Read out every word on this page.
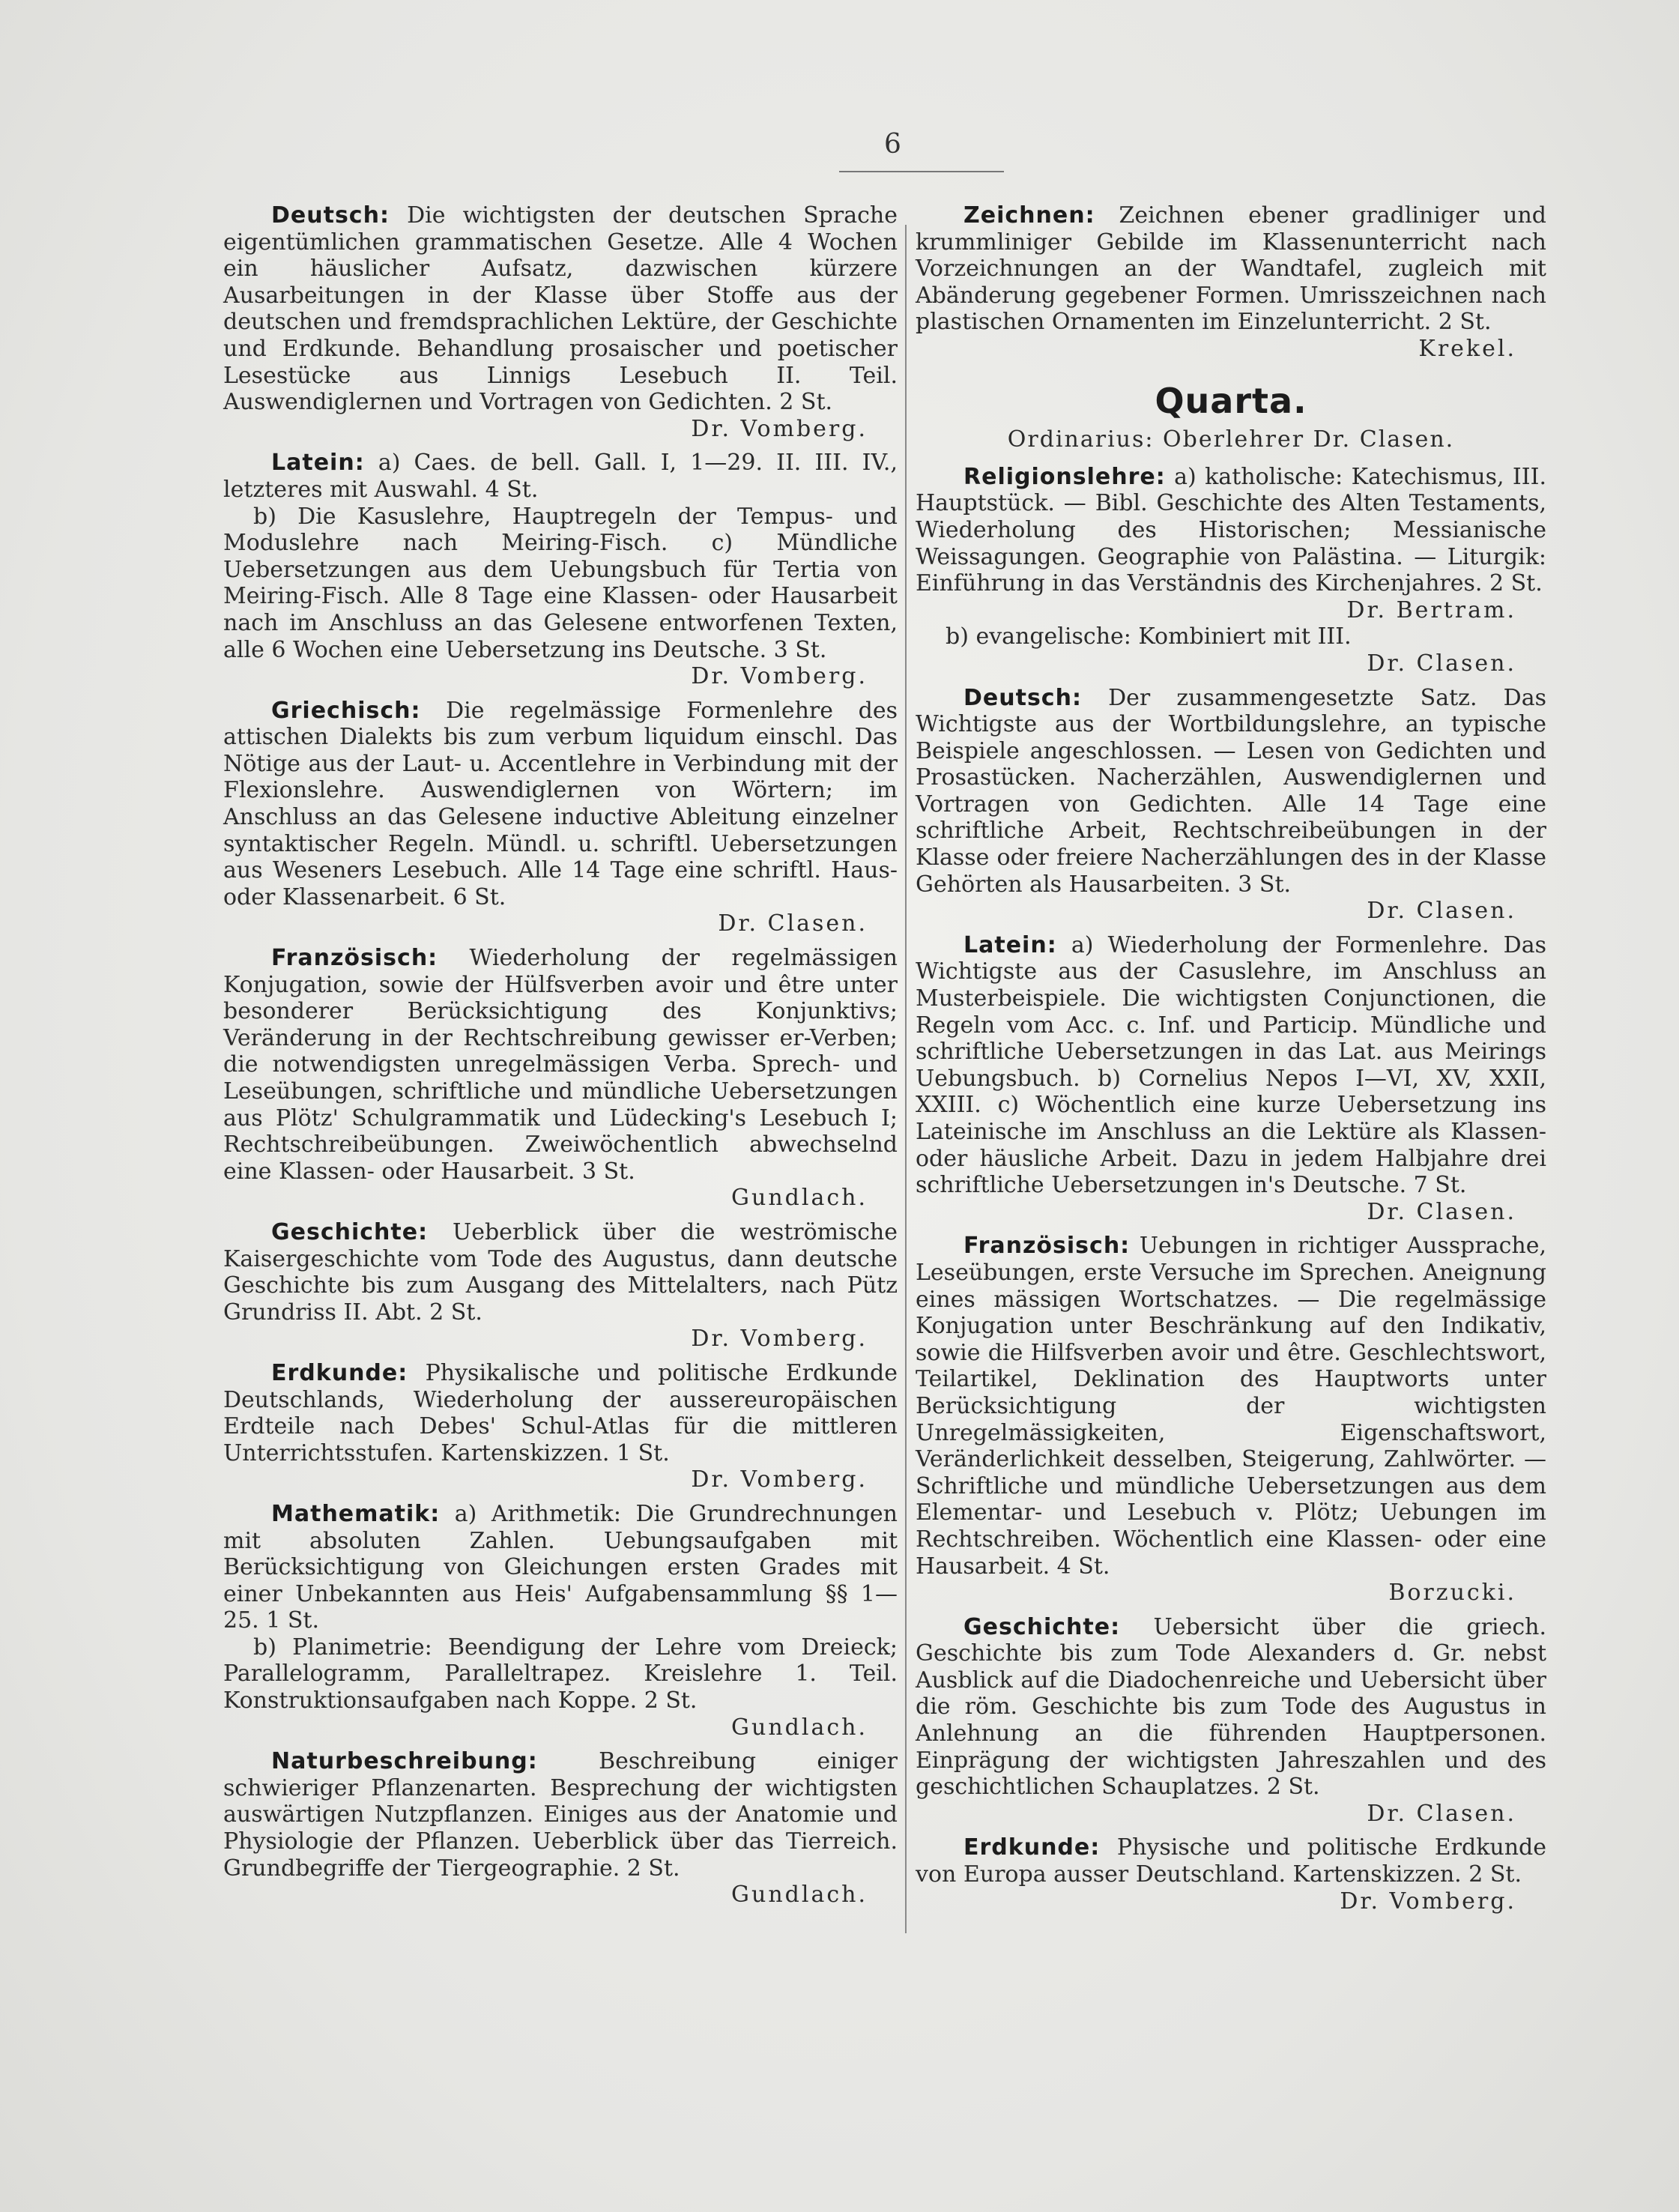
6
Deutsch: Die wichtigsten der deutschen Sprache eigentümlichen grammatischen Gesetze. Alle 4 Wochen ein häuslicher Aufsatz, dazwischen kürzere Ausarbeitungen in der Klasse über Stoffe aus der deutschen und fremdsprachlichen Lektüre, der Geschichte und Erdkunde. Behandlung prosaischer und poetischer Lesestücke aus Linnigs Lesebuch II. Teil. Auswendiglernen und Vortragen von Gedichten. 2 St.
Dr. Vomberg.
Latein: a) Caes. de bell. Gall. I, 1—29. II. III. IV., letzteres mit Auswahl. 4 St.
b) Die Kasuslehre, Hauptregeln der Tempus- und Moduslehre nach Meiring-Fisch. c) Mündliche Uebersetzungen aus dem Uebungsbuch für Tertia von Meiring-Fisch. Alle 8 Tage eine Klassen- oder Hausarbeit nach im Anschluss an das Gelesene entworfenen Texten, alle 6 Wochen eine Uebersetzung ins Deutsche. 3 St.
Dr. Vomberg.
Griechisch: Die regelmässige Formenlehre des attischen Dialekts bis zum verbum liquidum einschl. Das Nötige aus der Laut- u. Accentlehre in Verbindung mit der Flexionslehre. Auswendiglernen von Wörtern; im Anschluss an das Gelesene inductive Ableitung einzelner syntaktischer Regeln. Mündl. u. schriftl. Uebersetzungen aus Weseners Lesebuch. Alle 14 Tage eine schriftl. Haus- oder Klassenarbeit. 6 St.
Dr. Clasen.
Französisch: Wiederholung der regelmässigen Konjugation, sowie der Hülfsverben avoir und être unter besonderer Berücksichtigung des Konjunktivs; Veränderung in der Rechtschreibung gewisser er-Verben; die notwendigsten unregelmässigen Verba. Sprech- und Leseübungen, schriftliche und mündliche Uebersetzungen aus Plötz' Schulgrammatik und Lüdecking's Lesebuch I; Rechtschreibeübungen. Zweiwöchentlich abwechselnd eine Klassen- oder Hausarbeit. 3 St.
Gundlach.
Geschichte: Ueberblick über die weströmische Kaisergeschichte vom Tode des Augustus, dann deutsche Geschichte bis zum Ausgang des Mittelalters, nach Pütz Grundriss II. Abt. 2 St.
Dr. Vomberg.
Erdkunde: Physikalische und politische Erdkunde Deutschlands, Wiederholung der aussereuropäischen Erdteile nach Debes' Schul-Atlas für die mittleren Unterrichtsstufen. Kartenskizzen. 1 St.
Dr. Vomberg.
Mathematik: a) Arithmetik: Die Grundrechnungen mit absoluten Zahlen. Uebungsaufgaben mit Berücksichtigung von Gleichungen ersten Grades mit einer Unbekannten aus Heis' Aufgabensammlung §§ 1—25. 1 St.
b) Planimetrie: Beendigung der Lehre vom Dreieck; Parallelogramm, Paralleltrapez. Kreislehre 1. Teil. Konstruktionsaufgaben nach Koppe. 2 St.
Gundlach.
Naturbeschreibung:	Beschreibung einiger schwieriger Pflanzenarten. Besprechung der wichtigsten auswärtigen Nutzpflanzen. Einiges aus der Anatomie und Physiologie der Pflanzen. Ueberblick über das Tierreich. Grundbegriffe der Tiergeographie. 2 St.
Gundlach.
Zeichnen: Zeichnen ebener gradliniger und krummliniger Gebilde im Klassenunterricht nach Vorzeichnungen an der Wandtafel, zugleich mit Abänderung gegebener Formen. Umrisszeichnen nach plastischen Ornamenten im Einzelunterricht. 2 St.
Krekel.
Quarta.
Ordinarius: Oberlehrer Dr. Clasen.
Religionslehre: a) katholische: Katechismus, III. Hauptstück. — Bibl. Geschichte des Alten Testaments, Wiederholung des Historischen; Messianische Weissagungen. Geographie von Palästina. — Liturgik: Einführung in das Verständnis des Kirchenjahres. 2 St.
Dr. Bertram.
b) evangelische: Kombiniert mit III.
Dr. Clasen.
Deutsch: Der zusammengesetzte Satz. Das Wichtigste aus der Wortbildungslehre, an typische Beispiele angeschlossen. — Lesen von Gedichten und Prosastücken. Nacherzählen, Auswendiglernen und Vortragen von Gedichten. Alle 14 Tage eine schriftliche Arbeit, Rechtschreibeübungen in der Klasse oder freiere Nacherzählungen des in der Klasse Gehörten als Hausarbeiten. 3 St.
Dr. Clasen.
Latein: a) Wiederholung der Formenlehre. Das Wichtigste aus der Casuslehre, im Anschluss an Musterbeispiele. Die wichtigsten Conjunctionen, die Regeln vom Acc. c. Inf. und Particip. Mündliche und schriftliche Uebersetzungen in das Lat. aus Meirings Uebungsbuch. b) Cornelius Nepos I—VI, XV, XXII, XXIII. c) Wöchentlich eine kurze Uebersetzung ins Lateinische im Anschluss an die Lektüre als Klassen- oder häusliche Arbeit. Dazu in jedem Halbjahre drei schriftliche Uebersetzungen in's Deutsche. 7 St.
Dr. Clasen.
Französisch: Uebungen in richtiger Aussprache, Leseübungen, erste Versuche im Sprechen. Aneignung eines mässigen Wortschatzes. — Die regelmässige Konjugation unter Beschränkung auf den Indikativ, sowie die Hilfsverben avoir und être. Geschlechtswort, Teilartikel, Deklination des Hauptworts unter Berücksichtigung der wichtigsten Unregelmässigkeiten, Eigenschaftswort, Veränderlichkeit desselben, Steigerung, Zahlwörter. — Schriftliche und mündliche Uebersetzungen aus dem Elementar- und Lesebuch v. Plötz; Uebungen im Rechtschreiben. Wöchentlich eine Klassen- oder eine Hausarbeit. 4 St.
Borzucki.
Geschichte: Uebersicht über die griech. Geschichte bis zum Tode Alexanders d. Gr. nebst Ausblick auf die Diadochenreiche und Uebersicht über die röm. Geschichte bis zum Tode des Augustus in Anlehnung an die führenden Hauptpersonen. Einprägung der wichtigsten Jahreszahlen und des geschichtlichen Schauplatzes. 2 St.
Dr. Clasen.
Erdkunde: Physische und politische Erdkunde von Europa ausser Deutschland. Kartenskizzen. 2 St.
Dr. Vomberg.
